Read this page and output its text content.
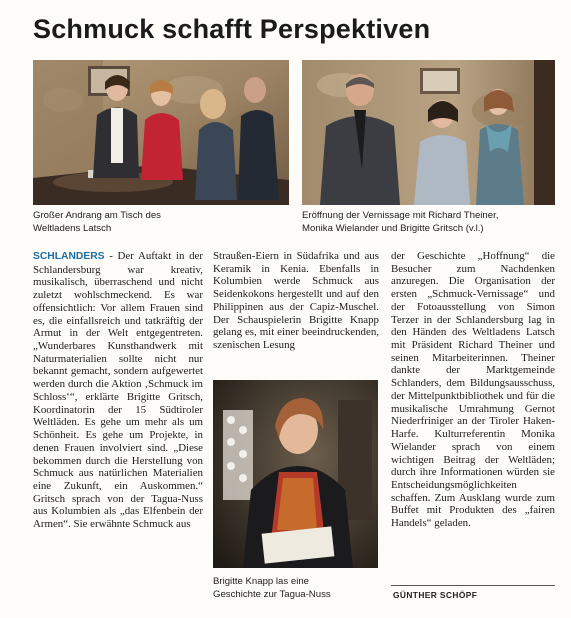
Schmuck schafft Perspektiven
Großer Andrang am Tisch des Weltladens Latsch
Eröffnung der Vernissage mit Richard Theiner, Monika Wielander und Brigitte Gritsch (v.l.)

SCHLANDERS - Der Auftakt in der Schlandersburg war kreativ, musikalisch, überraschend und nicht zuletzt wohlschmeckend. Es war offensichtlich: Vor allem Frauen sind es, die einfallsreich und tatkräftig der Armut in der Welt entgegentreten. „Wunderbares Kunsthandwerk mit Naturmaterialien sollte nicht nur bekannt gemacht, sondern aufgewertet werden durch die Aktion ‚Schmuck im Schloss‘“, erklärte Brigitte Gritsch, Koordinatorin der 15 Südtiroler Weltläden. Es gehe um mehr als um Schönheit. Es gehe um Projekte, in denen Frauen involviert sind. „Diese bekommen durch die Herstellung von Schmuck aus natürlichen Materialien eine Zukunft, ein Auskommen.“ Gritsch sprach von der Tagua-Nuss aus Kolumbien als „das Elfenbein der Armen“. Sie erwähnte Schmuck aus

Straußen-Eiern in Südafrika und aus Keramik in Kenia. Ebenfalls in Kolumbien werde Schmuck aus Seidenkokons hergestellt und auf den Philippinen aus der Capiz-Muschel. Der Schauspielerin Brigitte Knapp gelang es, mit einer beeindruckenden, szenischen Lesung

Brigitte Knapp las eine Geschichte zur Tagua-Nuss

der Geschichte „Hoffnung“ die Besucher zum Nachdenken anzuregen. Die Organisation der ersten „Schmuck-Vernissage“ und der Fotoausstellung von Simon Terzer in der Schlandersburg lag in den Händen des Weltladens Latsch mit Präsident Richard Theiner und seinen Mitarbeiterinnen. Theiner dankte der Marktgemeinde Schlanders, dem Bildungsausschuss, der Mittelpunktbibliothek und für die musikalische Umrahmung Gernot Niederfriniger an der Tiroler Haken-Harfe. Kulturreferentin Monika Wielander sprach von einem wichtigen Beitrag der Weltläden; durch ihre Informationen würden sie Entscheidungsmöglichkeiten schaffen. Zum Ausklang wurde zum Buffet mit Produkten des „fairen Handels“ geladen.

GÜNTHER SCHÖPF
